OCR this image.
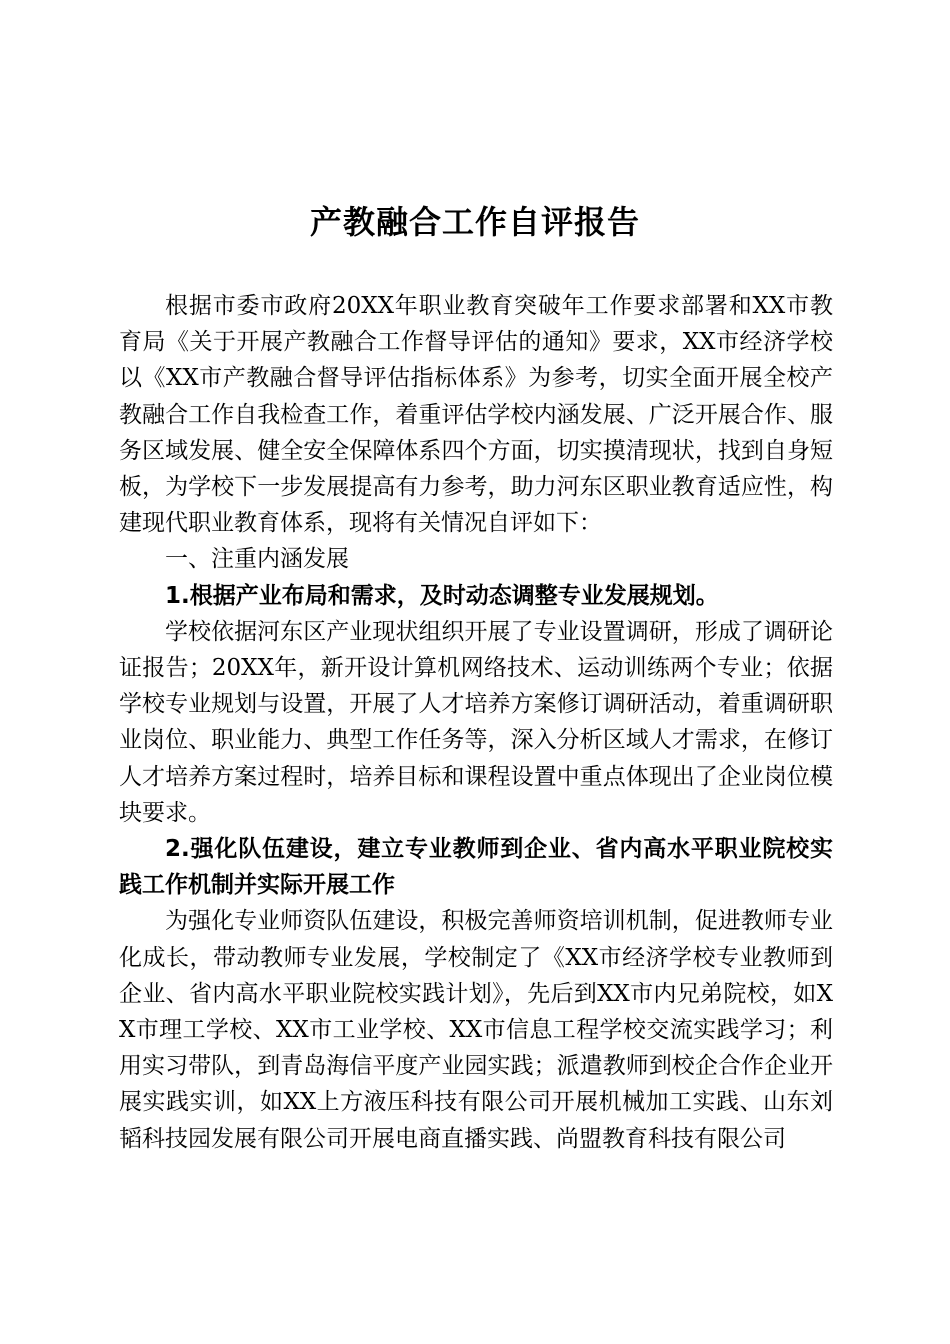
产教融合工作自评报告

根据市委市政府20XX年职业教育突破年工作要求部署和XX市教育局《关于开展产教融合工作督导评估的通知》要求，XX市经济学校以《XX市产教融合督导评估指标体系》为参考，切实全面开展全校产教融合工作自我检查工作，着重评估学校内涵发展、广泛开展合作、服务区域发展、健全安全保障体系四个方面，切实摸清现状，找到自身短板，为学校下一步发展提高有力参考，助力河东区职业教育适应性，构建现代职业教育体系，现将有关情况自评如下：

一、注重内涵发展

1.根据产业布局和需求，及时动态调整专业发展规划。

学校依据河东区产业现状组织开展了专业设置调研，形成了调研论证报告；20XX年，新开设计算机网络技术、运动训练两个专业；依据学校专业规划与设置，开展了人才培养方案修订调研活动，着重调研职业岗位、职业能力、典型工作任务等，深入分析区域人才需求，在修订人才培养方案过程时，培养目标和课程设置中重点体现出了企业岗位模块要求。

2.强化队伍建设，建立专业教师到企业、省内高水平职业院校实践工作机制并实际开展工作

为强化专业师资队伍建设，积极完善师资培训机制，促进教师专业化成长，带动教师专业发展，学校制定了《XX市经济学校专业教师到企业、省内高水平职业院校实践计划》，先后到XX市内兄弟院校，如XX市理工学校、XX市工业学校、XX市信息工程学校交流实践学习；利用实习带队，到青岛海信平度产业园实践；派遣教师到校企合作企业开展实践实训，如XX上方液压科技有限公司开展机械加工实践、山东刘韬科技园发展有限公司开展电商直播实践、尚盟教育科技有限公司
